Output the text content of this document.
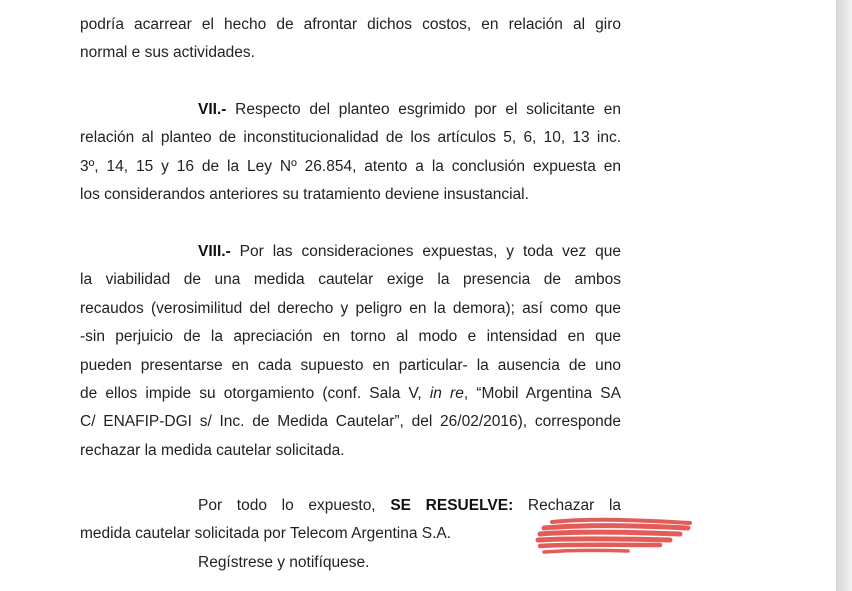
podría acarrear el hecho de afrontar dichos costos, en relación al giro
normal e sus actividades.
VII.- Respecto del planteo esgrimido por el solicitante en
relación al planteo de inconstitucionalidad de los artículos 5, 6, 10, 13 inc.
3º, 14, 15 y 16 de la Ley Nº 26.854, atento a la conclusión expuesta en
los considerandos anteriores su tratamiento deviene insustancial.
VIII.- Por las consideraciones expuestas, y toda vez que
la viabilidad de una medida cautelar exige la presencia de ambos
recaudos (verosimilitud del derecho y peligro en la demora); así como que
-sin perjuicio de la apreciación en torno al modo e intensidad en que
pueden presentarse en cada supuesto en particular- la ausencia de uno
de ellos impide su otorgamiento (conf. Sala V, in re, “Mobil Argentina SA
C/ ENAFIP-DGI s/ Inc. de Medida Cautelar”, del 26/02/2016), corresponde
rechazar la medida cautelar solicitada.
Por todo lo expuesto, SE RESUELVE: Rechazar la
medida cautelar solicitada por Telecom Argentina S.A.
Regístrese y notifíquese.
